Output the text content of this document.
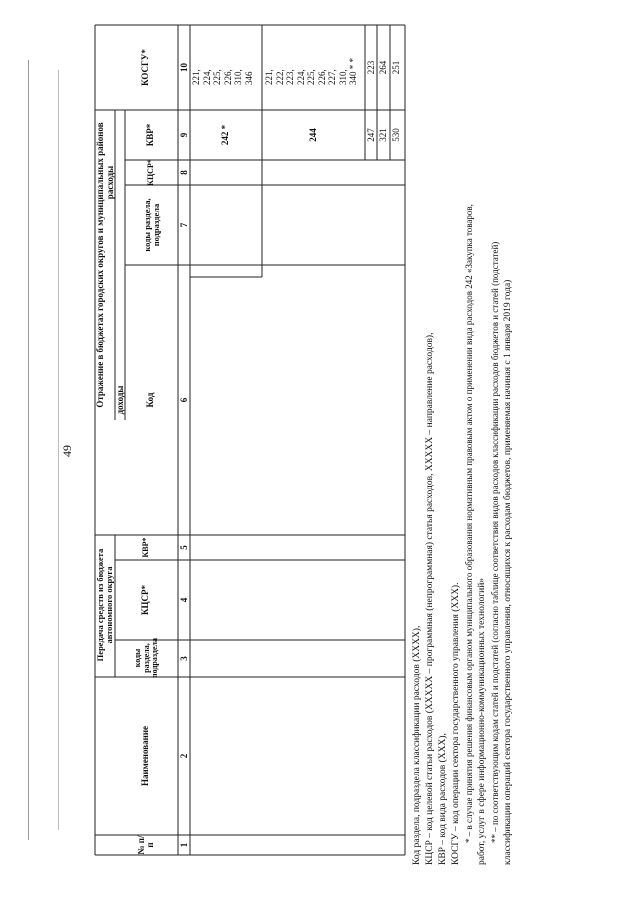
49
Передача средств из бюджета автономного округа
Отражение в бюджетах городских округов и муниципальных районов доходы
расходы
№ п/п
Наименование
коды раздела, подраздела
КЦСР*
КВР*
Код
коды раздела, подраздела
КЦСР*
КВР*
КОСГУ*
1
2
3
4
5
6
7
8
9
10
242 *
221, 224, 225, 226, 310, 346
244
221, 222, 223, 224, 225, 226, 227, 310, 340 * *
247
223
321
264
530
251
Код раздела, подраздела классификации расходов (XXXX), КЦСР – код целевой статьи расходов (XXXXX – программная (непрограммная) статья расходов, XXXXX – направление расходов), КВР – код вида расходов (XXX), КОСГУ – код операции сектора государственного управления (XXX). * – в случае принятия решения финансовым органом муниципального образования нормативным правовым актом о применении вида расходов 242 «Закупка товаров, работ, услуг в сфере информационно-коммуникационных технологий» ** – по соответствующим кодам статей и подстатей (согласно таблице соответствия видов расходов классификации расходов бюджетов и статей (подстатей) классификации операций сектора государственного управления, относящихся к расходам бюджетов, применяемая начиная с 1 января 2019 года)
